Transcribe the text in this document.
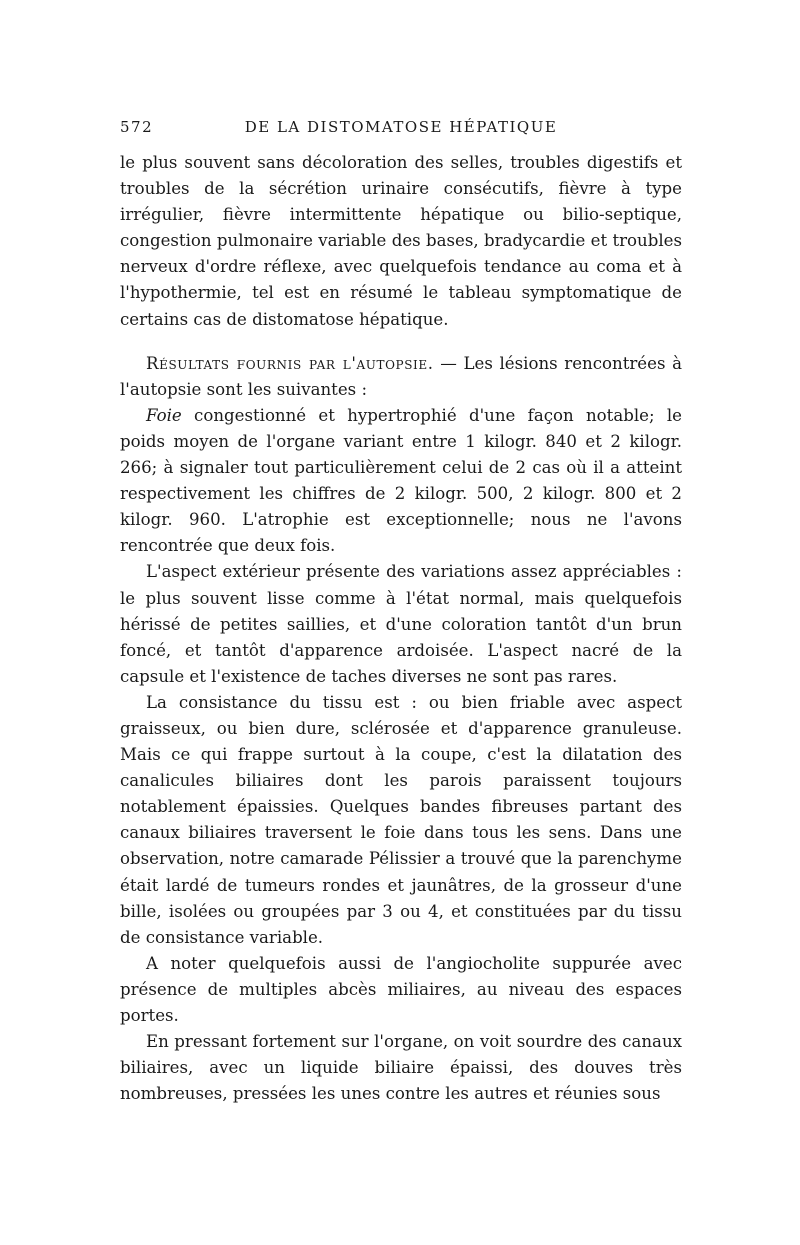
572	DE LA DISTOMATOSE HÉPATIQUE

le plus souvent sans décoloration des selles, troubles digestifs et troubles de la sécrétion urinaire consécutifs, fièvre à type irrégulier, fièvre intermittente hépatique ou bilio-septique, congestion pulmonaire variable des bases, bradycardie et troubles nerveux d'ordre réflexe, avec quelquefois tendance au coma et à l'hypothermie, tel est en résumé le tableau symptomatique de certains cas de distomatose hépatique.

Résultats fournis par l'autopsie. — Les lésions rencontrées à l'autopsie sont les suivantes :

Foie congestionné et hypertrophié d'une façon notable; le poids moyen de l'organe variant entre 1 kilogr. 840 et 2 kilogr. 266; à signaler tout particulièrement celui de 2 cas où il a atteint respectivement les chiffres de 2 kilogr. 500, 2 kilogr. 800 et 2 kilogr. 960. L'atrophie est exceptionnelle; nous ne l'avons rencontrée que deux fois.

L'aspect extérieur présente des variations assez appréciables : le plus souvent lisse comme à l'état normal, mais quelquefois hérissé de petites saillies, et d'une coloration tantôt d'un brun foncé, et tantôt d'apparence ardoisée. L'aspect nacré de la capsule et l'existence de taches diverses ne sont pas rares.

La consistance du tissu est : ou bien friable avec aspect graisseux, ou bien dure, sclérosée et d'apparence granuleuse. Mais ce qui frappe surtout à la coupe, c'est la dilatation des canalicules biliaires dont les parois paraissent toujours notablement épaissies. Quelques bandes fibreuses partant des canaux biliaires traversent le foie dans tous les sens. Dans une observation, notre camarade Pélissier a trouvé que la parenchyme était lardé de tumeurs rondes et jaunâtres, de la grosseur d'une bille, isolées ou groupées par 3 ou 4, et constituées par du tissu de consistance variable.

A noter quelquefois aussi de l'angiocholite suppurée avec présence de multiples abcès miliaires, au niveau des espaces portes.

En pressant fortement sur l'organe, on voit sourdre des canaux biliaires, avec un liquide biliaire épaissi, des douves très nombreuses, pressées les unes contre les autres et réunies sous
